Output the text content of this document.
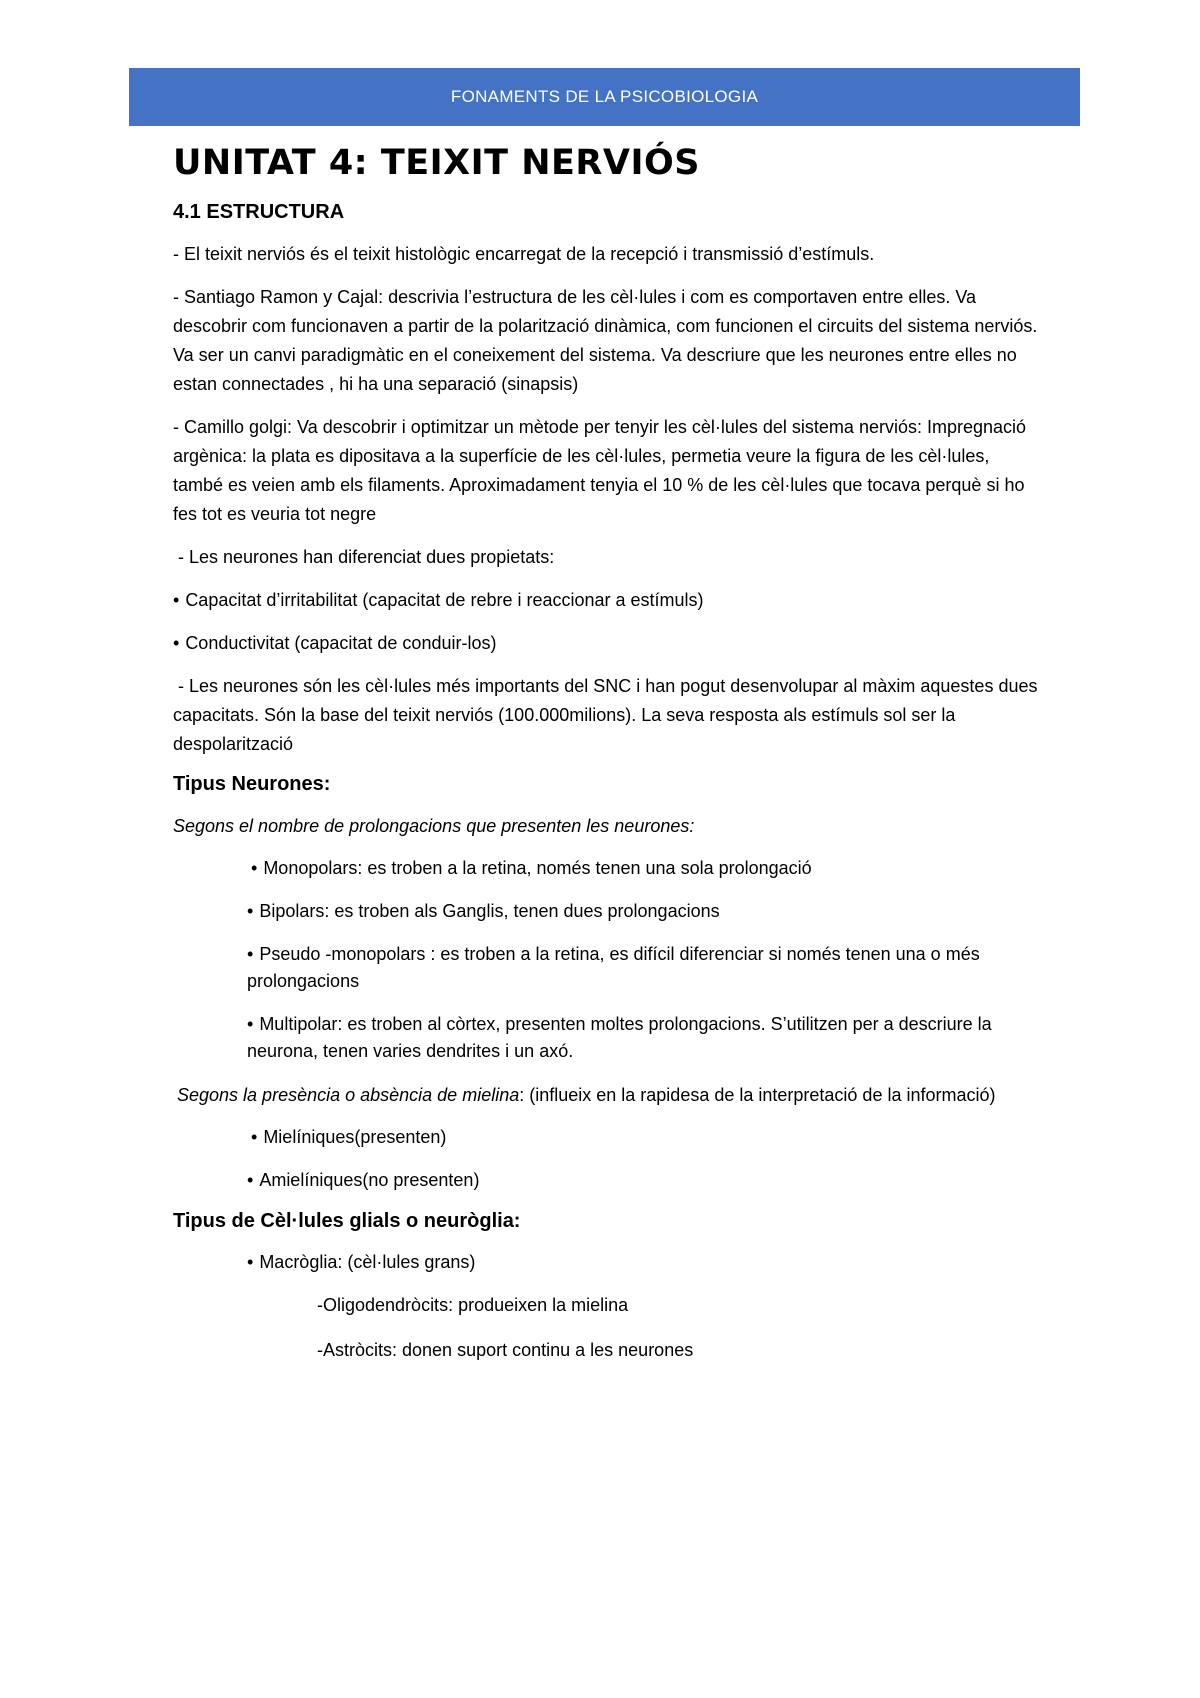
FONAMENTS DE LA PSICOBIOLOGIA
UNITAT 4: TEIXIT NERVIÓS
4.1 ESTRUCTURA

- El teixit nerviós és el teixit histològic encarregat de la recepció i transmissió d’estímuls.

- Santiago Ramon y Cajal: descrivia l’estructura de les cèl·lules i com es comportaven entre elles. Va descobrir com funcionaven a partir de la polarització dinàmica, com funcionen el circuits del sistema nerviós. Va ser un canvi paradigmàtic en el coneixement del sistema. Va descriure que les neurones entre elles no estan connectades , hi ha una separació (sinapsis)

- Camillo golgi: Va descobrir i optimitzar un mètode per tenyir les cèl·lules del sistema nerviós: Impregnació argènica: la plata es dipositava a la superfície de les cèl·lules, permetia veure la figura de les cèl·lules, també es veien amb els filaments. Aproximadament tenyia el 10 % de les cèl·lules que tocava perquè si ho fes tot es veuria tot negre

- Les neurones han diferenciat dues propietats:

• Capacitat d’irritabilitat (capacitat de rebre i reaccionar a estímuls)

• Conductivitat (capacitat de conduir-los)

- Les neurones són les cèl·lules més importants del SNC i han pogut desenvolupar al màxim aquestes dues capacitats. Són la base del teixit nerviós (100.000milions). La seva resposta als estímuls sol ser la despolarització

Tipus Neurones:

Segons el nombre de prolongacions que presenten les neurones:

• Monopolars: es troben a la retina, només tenen una sola prolongació
• Bipolars: es troben als Ganglis, tenen dues prolongacions
• Pseudo -monopolars : es troben a la retina, es difícil diferenciar si només tenen una o més prolongacions
• Multipolar: es troben al còrtex, presenten moltes prolongacions. S’utilitzen per a descriure la neurona, tenen varies dendrites i un axó.

Segons la presència o absència de mielina: (influeix en la rapidesa de la interpretació de la informació)

• Mielíniques(presenten)
• Amielíniques(no presenten)
Tipus de Cèl·lules glials o neuròglia:
• Macròglia: (cèl·lules grans)
-Oligodendròcits: produeixen la mielina
-Astròcits: donen suport continu a les neurones
